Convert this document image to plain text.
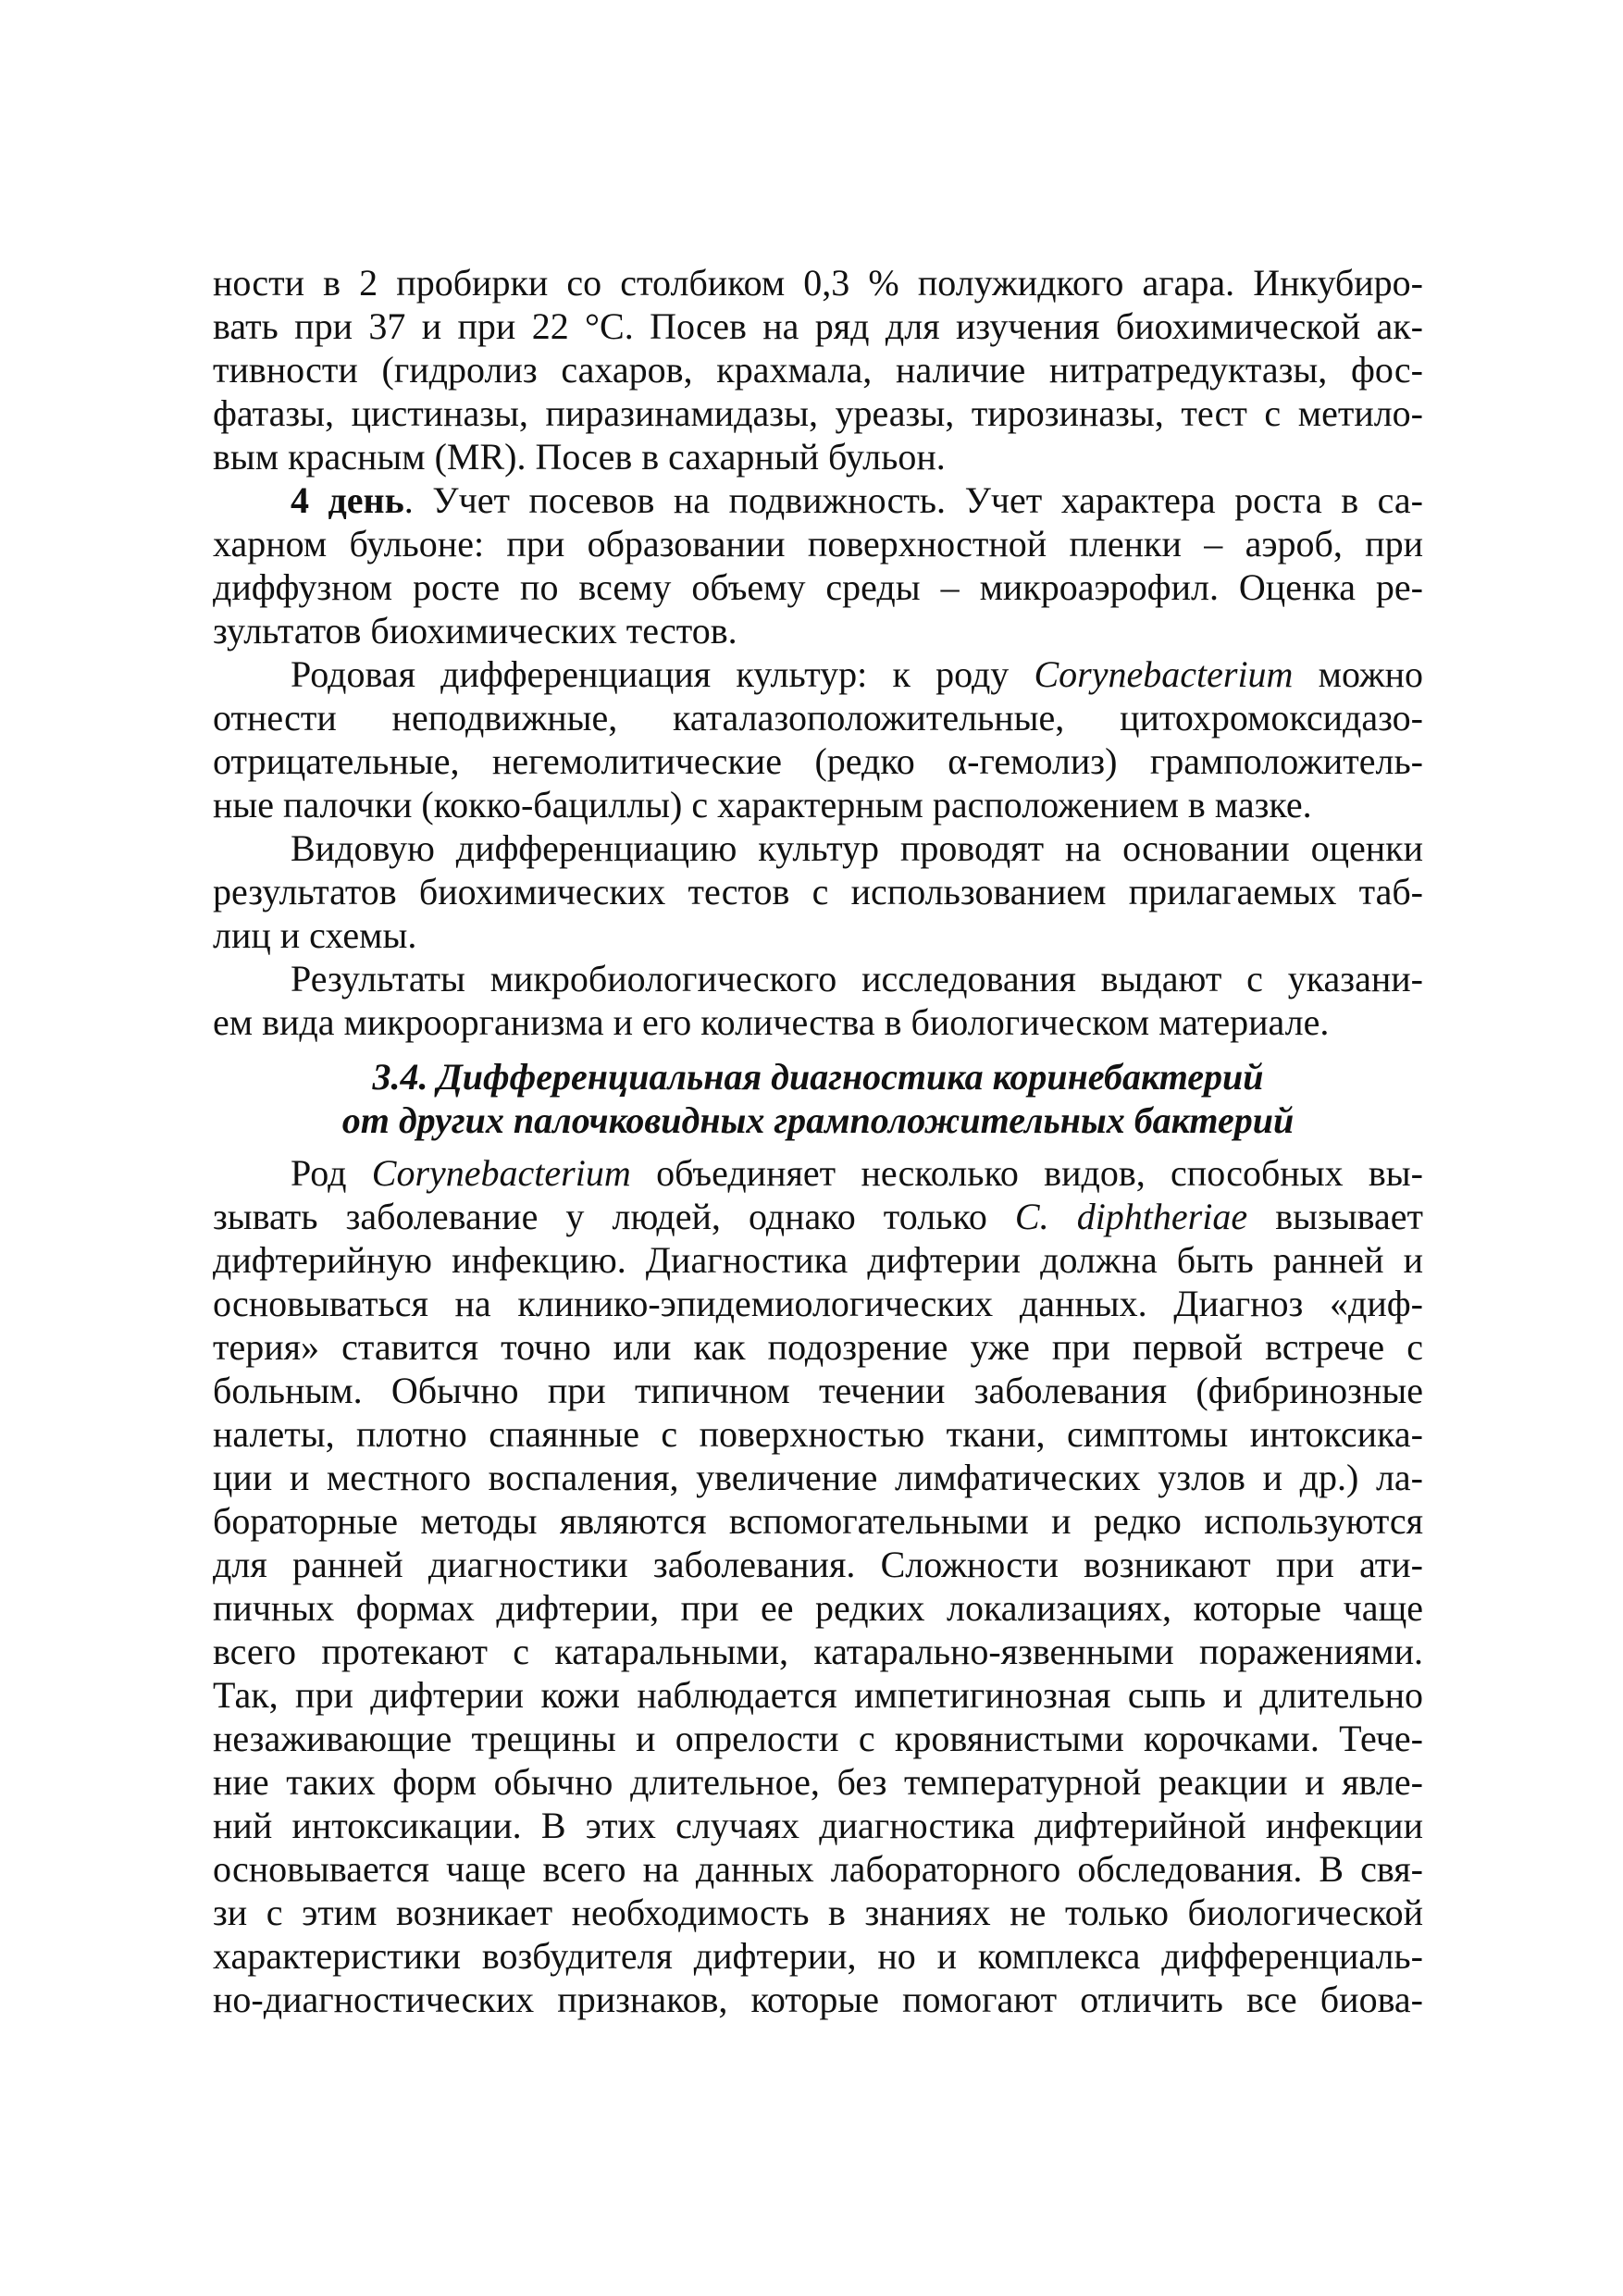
ности в 2 пробирки со столбиком 0,3 % полужидкого агара. Инкубиро-
вать при 37 и при 22 °С. Посев на ряд для изучения биохимической ак-
тивности (гидролиз сахаров, крахмала, наличие нитратредуктазы, фос-
фатазы, цистиназы, пиразинамидазы, уреазы, тирозиназы, тест с метило-
вым красным (MR). Посев в сахарный бульон.
4 день. Учет посевов на подвижность. Учет характера роста в са-
харном бульоне: при образовании поверхностной пленки – аэроб, при
диффузном росте по всему объему среды – микроаэрофил. Оценка ре-
зультатов биохимических тестов.
Родовая дифференциация культур: к роду Corynebacterium можно
отнести неподвижные, каталазоположительные, цитохромоксидазо-
отрицательные, негемолитические (редко α-гемолиз) грамположитель-
ные палочки (кокко-бациллы) с характерным расположением в мазке.
Видовую дифференциацию культур проводят на основании оценки
результатов биохимических тестов с использованием прилагаемых таб-
лиц и схемы.
Результаты микробиологического исследования выдают с указани-
ем вида микроорганизма и его количества в биологическом материале.
3.4. Дифференциальная диагностика коринебактерий
от других палочковидных грамположительных бактерий
Род Corynebacterium объединяет несколько видов, способных вы-
зывать заболевание у людей, однако только C. diphtheriae вызывает
дифтерийную инфекцию. Диагностика дифтерии должна быть ранней и
основываться на клинико-эпидемиологических данных. Диагноз «диф-
терия» ставится точно или как подозрение уже при первой встрече с
больным. Обычно при типичном течении заболевания (фибринозные
налеты, плотно спаянные с поверхностью ткани, симптомы интоксика-
ции и местного воспаления, увеличение лимфатических узлов и др.) ла-
бораторные методы являются вспомогательными и редко используются
для ранней диагностики заболевания. Сложности возникают при ати-
пичных формах дифтерии, при ее редких локализациях, которые чаще
всего протекают с катаральными, катарально-язвенными поражениями.
Так, при дифтерии кожи наблюдается импетигинозная сыпь и длительно
незаживающие трещины и опрелости с кровянистыми корочками. Тече-
ние таких форм обычно длительное, без температурной реакции и явле-
ний интоксикации. В этих случаях диагностика дифтерийной инфекции
основывается чаще всего на данных лабораторного обследования. В свя-
зи с этим возникает необходимость в знаниях не только биологической
характеристики возбудителя дифтерии, но и комплекса дифференциаль-
но-диагностических признаков, которые помогают отличить все биова-
